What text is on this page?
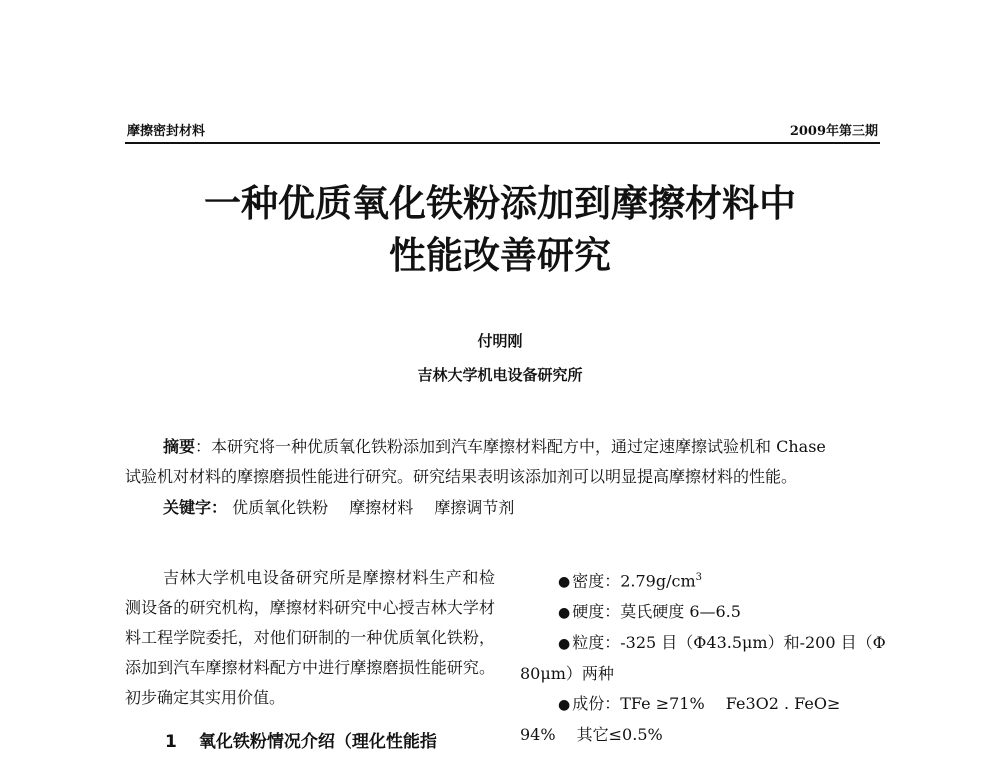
摩擦密封材料	2009年第三期
一种优质氧化铁粉添加到摩擦材料中
性能改善研究
付明刚
吉林大学机电设备研究所
摘要：本研究将一种优质氧化铁粉添加到汽车摩擦材料配方中，通过定速摩擦试验机和 Chase
试验机对材料的摩擦磨损性能进行研究。研究结果表明该添加剂可以明显提高摩擦材料的性能。
关键字： 优质氧化铁粉 摩擦材料 摩擦调节剂
吉林大学机电设备研究所是摩擦材料生产和检测设备的研究机构，摩擦材料研究中心授吉林大学材料工程学院委托，对他们研制的一种优质氧化铁粉，添加到汽车摩擦材料配方中进行摩擦磨损性能研究。初步确定其实用价值。
1 氧化铁粉情况介绍（理化性能指
● 密度：$2.79g/cm^3$
● 硬度：莫氏硬度 6—6.5
● 粒度：-325 目（Φ43.5μm）和-200 目（Φ
80μm）两种
● 成份：TFe ≥71%　 Fe3O2 . FeO≥
94%　 其它≤0.5%
